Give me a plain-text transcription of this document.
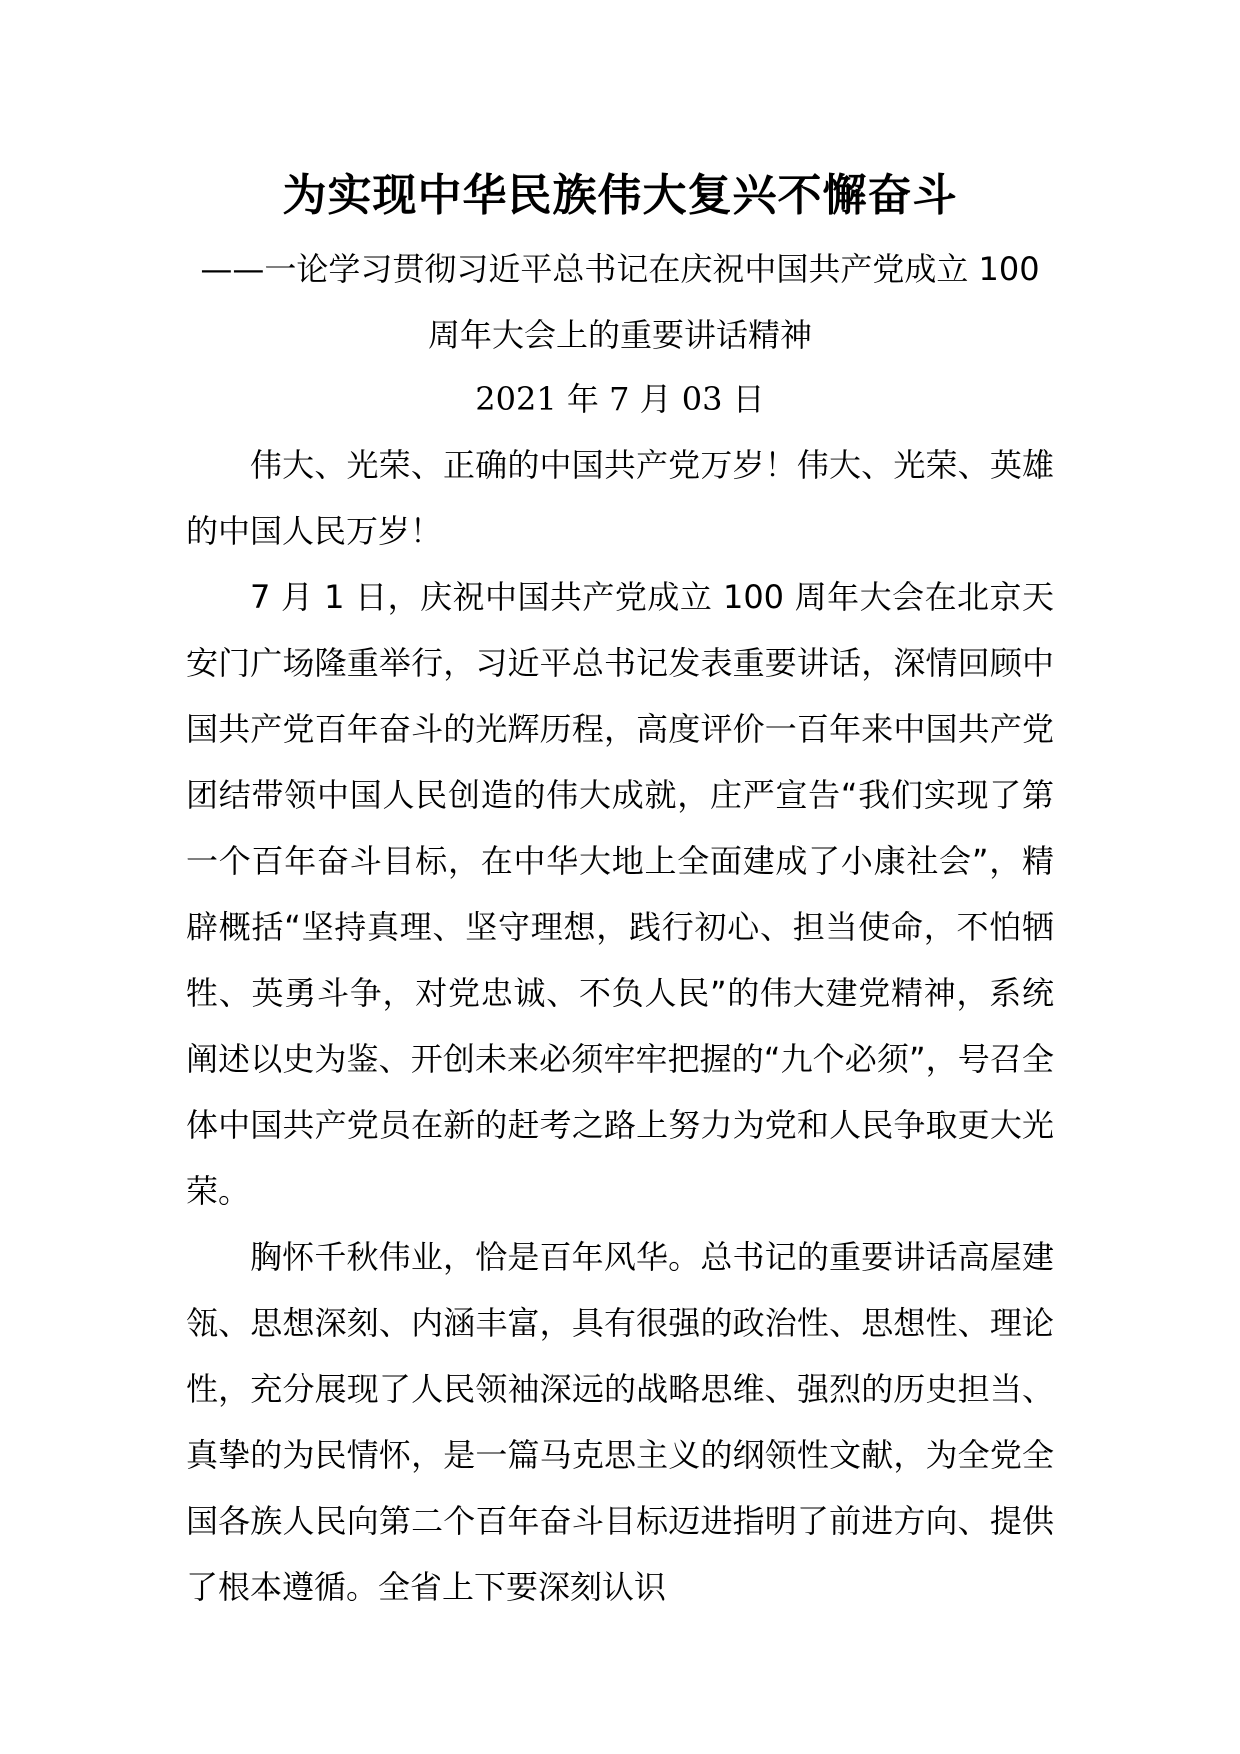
为实现中华民族伟大复兴不懈奋斗
——一论学习贯彻习近平总书记在庆祝中国共产党成立 100 周年大会上的重要讲话精神
2021 年 7 月 03 日

伟大、光荣、正确的中国共产党万岁！伟大、光荣、英雄的中国人民万岁！

7 月 1 日，庆祝中国共产党成立 100 周年大会在北京天安门广场隆重举行，习近平总书记发表重要讲话，深情回顾中国共产党百年奋斗的光辉历程，高度评价一百年来中国共产党团结带领中国人民创造的伟大成就，庄严宣告“我们实现了第一个百年奋斗目标，在中华大地上全面建成了小康社会”，精辟概括“坚持真理、坚守理想，践行初心、担当使命，不怕牺牲、英勇斗争，对党忠诚、不负人民”的伟大建党精神，系统阐述以史为鉴、开创未来必须牢牢把握的“九个必须”，号召全体中国共产党员在新的赶考之路上努力为党和人民争取更大光荣。

胸怀千秋伟业，恰是百年风华。总书记的重要讲话高屋建瓴、思想深刻、内涵丰富，具有很强的政治性、思想性、理论性，充分展现了人民领袖深远的战略思维、强烈的历史担当、真挚的为民情怀，是一篇马克思主义的纲领性文献，为全党全国各族人民向第二个百年奋斗目标迈进指明了前进方向、提供了根本遵循。全省上下要深刻认识
